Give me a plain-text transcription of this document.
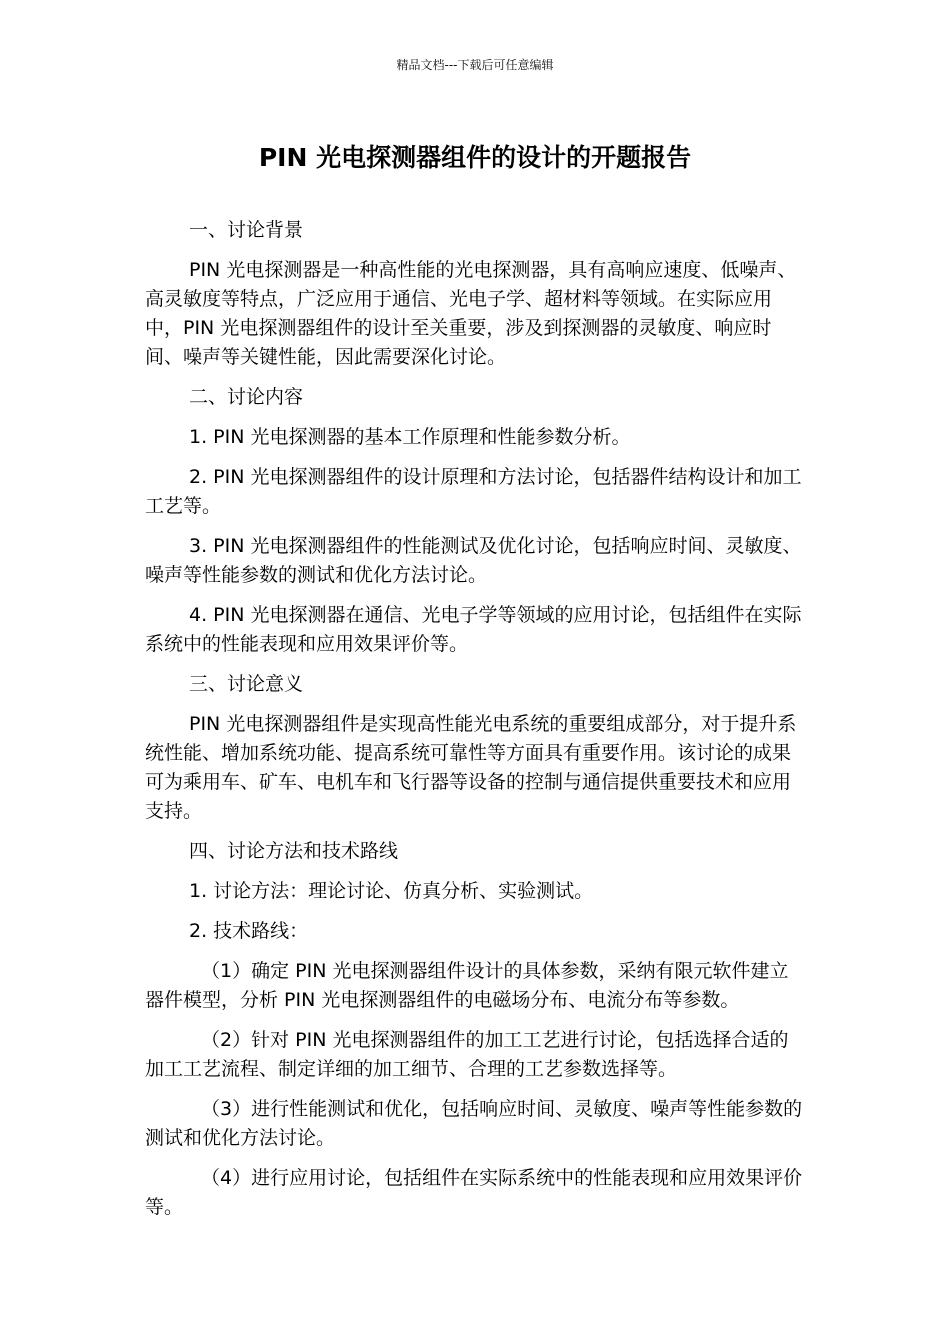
精品文档---下载后可任意编辑
PIN 光电探测器组件的设计的开题报告

一、讨论背景

PIN 光电探测器是一种高性能的光电探测器，具有高响应速度、低噪声、高灵敏度等特点，广泛应用于通信、光电子学、超材料等领域。在实际应用中，PIN 光电探测器组件的设计至关重要，涉及到探测器的灵敏度、响应时间、噪声等关键性能，因此需要深化讨论。

二、讨论内容

1. PIN 光电探测器的基本工作原理和性能参数分析。

2. PIN 光电探测器组件的设计原理和方法讨论，包括器件结构设计和加工工艺等。

3. PIN 光电探测器组件的性能测试及优化讨论，包括响应时间、灵敏度、噪声等性能参数的测试和优化方法讨论。

4. PIN 光电探测器在通信、光电子学等领域的应用讨论，包括组件在实际系统中的性能表现和应用效果评价等。

三、讨论意义

PIN 光电探测器组件是实现高性能光电系统的重要组成部分，对于提升系统性能、增加系统功能、提高系统可靠性等方面具有重要作用。该讨论的成果可为乘用车、矿车、电机车和飞行器等设备的控制与通信提供重要技术和应用支持。

四、讨论方法和技术路线

1. 讨论方法：理论讨论、仿真分析、实验测试。

2. 技术路线：

（1）确定 PIN 光电探测器组件设计的具体参数，采纳有限元软件建立器件模型，分析 PIN 光电探测器组件的电磁场分布、电流分布等参数。

（2）针对 PIN 光电探测器组件的加工工艺进行讨论，包括选择合适的加工工艺流程、制定详细的加工细节、合理的工艺参数选择等。

（3）进行性能测试和优化，包括响应时间、灵敏度、噪声等性能参数的测试和优化方法讨论。

（4）进行应用讨论，包括组件在实际系统中的性能表现和应用效果评价等。
